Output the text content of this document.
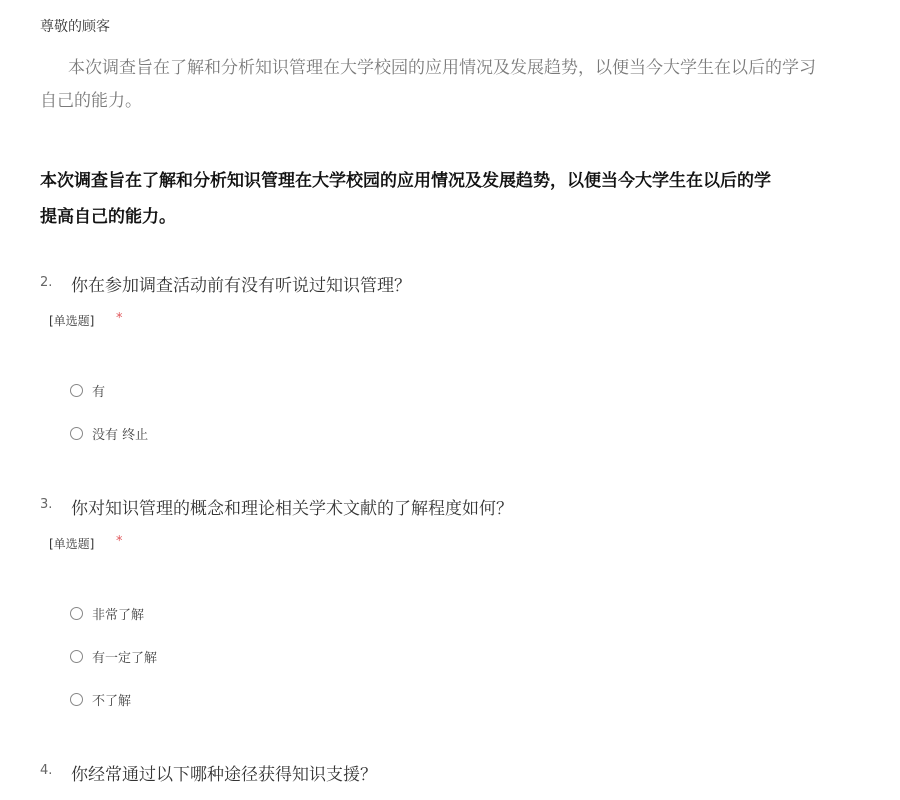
尊敬的顾客
本次调查旨在了解和分析知识管理在大学校园的应用情况及发展趋势，以便当今大学生在以后的学习
自己的能力。
本次调查旨在了解和分析知识管理在大学校园的应用情况及发展趋势，以便当今大学生在以后的学
提高自己的能力。
2. 你在参加调查活动前有没有听说过知识管理？
[单选题] *
有
没有 终止
3. 你对知识管理的概念和理论相关学术文献的了解程度如何？
[单选题] *
非常了解
有一定了解
不了解
4. 你经常通过以下哪种途径获得知识支援？
